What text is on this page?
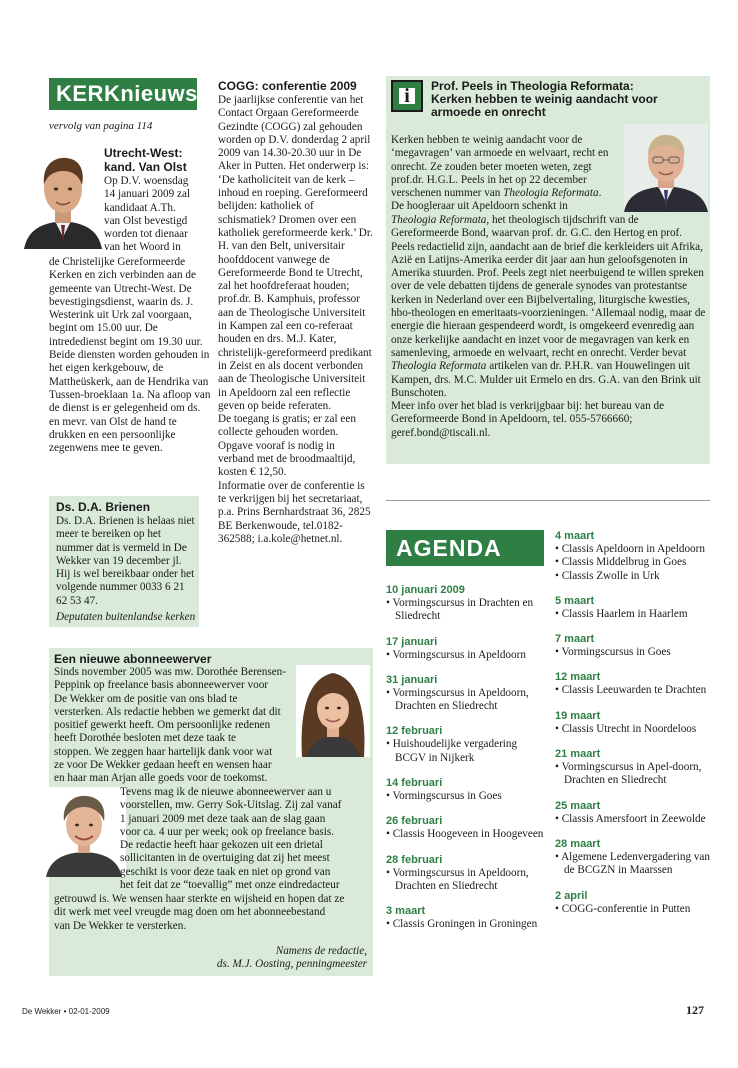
KERKnieuws
vervolg van pagina 114
Utrecht-West:
kand. Van Olst
Op D.V. woensdag
14 januari 2009 zal
kandidaat A.Th.
van Olst bevestigd
worden tot dienaar
van het Woord in

de Christelijke Gereformeerde Kerken en zich verbinden aan de gemeente van Utrecht-West. De bevestigingsdienst, waarin ds. J. Westerink uit Urk zal voorgaan, begint om 15.00 uur. De intrededienst begint om 19.30 uur. Beide diensten worden gehouden in het eigen kerkgebouw, de Mattheüskerk, aan de Hendrika van Tussen-broeklaan 1a. Na afloop van de dienst is er gelegenheid om ds. en mevr. van Olst de hand te drukken en een persoonlijke zegenwens mee te geven.

Ds. D.A. Brienen

Ds. D.A. Brienen is helaas niet meer te bereiken op het nummer dat is vermeld in De Wekker van 19 december jl. Hij is wel bereikbaar onder het volgende nummer 0033 6 21 62 53 47.

Deputaten buitenlandse kerken
COGG: conferentie 2009

De jaarlijkse conferentie van het Contact Orgaan Gereformeerde Gezindte (COGG) zal gehouden worden op D.V. donderdag 2 april 2009 van 14.30-20.30 uur in De Aker in Putten. Het onderwerp is: ‘De katholiciteit van de kerk – inhoud en roeping. Gereformeerd belijden: katholiek of schismatiek? Dromen over een katholiek gereformeerde kerk.’ Dr. H. van den Belt, universitair hoofddocent vanwege de Gereformeerde Bond te Utrecht, zal het hoofdreferaat houden; prof.dr. B. Kamphuis, professor aan de Theologische Universiteit in Kampen zal een co-referaat houden en drs. M.J. Kater, christelijk-gereformeerd predikant in Zeist en als docent verbonden aan de Theologische Universiteit in Apeldoorn zal een reflectie geven op beide referaten.

De toegang is gratis; er zal een collecte gehouden worden. Opgave vooraf is nodig in verband met de broodmaaltijd, kosten € 12,50.

Informatie over de conferentie is te verkrijgen bij het secretariaat, p.a. Prins Bernhardstraat 36, 2825 BE Berkenwoude, tel.0182-362588; i.a.kole@hetnet.nl.

i	Prof. Peels in Theologia Reformata:
Kerken hebben te weinig aandacht voor
armoede en onrecht
Kerken hebben te weinig aandacht voor de
‘megavragen’ van armoede en welvaart, recht en
onrecht. Ze zouden beter moeten weten, zegt
prof.dr. H.G.L. Peels in het op 22 december
verschenen nummer van Theologia Reformata.
De hoogleraar uit Apeldoorn schenkt in

Theologia Reformata, het theologisch tijdschrift van de Gereformeerde Bond, waarvan prof. dr. G.C. den Hertog en prof. Peels redactielid zijn, aandacht aan de brief die kerkleiders uit Afrika, Azië en Latijns-Amerika eerder dit jaar aan hun geloofsgenoten in Amerika stuurden. Prof. Peels zegt niet neerbuigend te willen spreken over de vele debatten tijdens de generale synodes van protestantse kerken in Nederland over een Bijbelvertaling, liturgische kwesties, hbo-theologen en emeritaats-voorzieningen. ‘Allemaal nodig, maar de energie die hieraan gespendeerd wordt, is omgekeerd evenredig aan onze kerkelijke aandacht en inzet voor de megavragen van kerk en samenleving, armoede en welvaart, recht en onrecht. Verder bevat Theologia Reformata artikelen van dr. P.H.R. van Houwelingen uit Kampen, drs. M.C. Mulder uit Ermelo en drs. G.A. van den Brink uit Bunschoten.
Meer info over het blad is verkrijgbaar bij: het bureau van de Gereformeerde Bond in Apeldoorn, tel. 055-5766660; geref.bond@tiscali.nl.

Een nieuwe abonneewerver
Sinds november 2005 was mw. Dorothée Berensen-
Peppink op freelance basis abonneewerver voor
De Wekker om de positie van ons blad te
versterken. Als redactie hebben we gemerkt dat dit
positief gewerkt heeft. Om persoonlijke redenen
heeft Dorothée besloten met deze taak te
stoppen. We zeggen haar hartelijk dank voor wat
ze voor De Wekker gedaan heeft en wensen haar
en haar man Arjan alle goeds voor de toekomst.
Tevens mag ik de nieuwe abonneewerver aan u
voorstellen, mw. Gerry Sok-Uitslag. Zij zal vanaf
1 januari 2009 met deze taak aan de slag gaan
voor ca. 4 uur per week; ook op freelance basis.
De redactie heeft haar gekozen uit een drietal
sollicitanten in de overtuiging dat zij het meest
geschikt is voor deze taak en niet op grond van
het feit dat ze “toevallig” met onze eindredacteur
getrouwd is. We wensen haar sterkte en wijsheid en hopen dat ze
dit werk met veel vreugde mag doen om het abonneebestand
van De Wekker te versterken.
Namens de redactie,
ds. M.J. Oosting, penningmeester
AGENDA
10 januari 2009
• Vormingscursus in Drachten en Sliedrecht
17 januari
• Vormingscursus in Apeldoorn
31 januari
• Vormingscursus in Apeldoorn, Drachten en Sliedrecht
12 februari
• Huishoudelijke vergadering BCGV in Nijkerk
14 februari
• Vormingscursus in Goes
26 februari
• Classis Hoogeveen in Hoogeveen
28 februari
• Vormingscursus in Apeldoorn, Drachten en Sliedrecht
3 maart
• Classis Groningen in Groningen
4 maart
• Classis Apeldoorn in Apeldoorn
• Classis Middelbrug in Goes
• Classis Zwolle in Urk
5 maart
• Classis Haarlem in Haarlem
7 maart
• Vormingscursus in Goes
12 maart
• Classis Leeuwarden te Drachten
19 maart
• Classis Utrecht in Noordeloos
21 maart
• Vormingscursus in Apel-doorn, Drachten en Sliedrecht
25 maart
• Classis Amersfoort in Zeewolde
28 maart
• Algemene Ledenvergadering van de BCGZN in Maarssen
2 april
• COGG-conferentie in Putten
De Wekker • 02-01-2009	127
